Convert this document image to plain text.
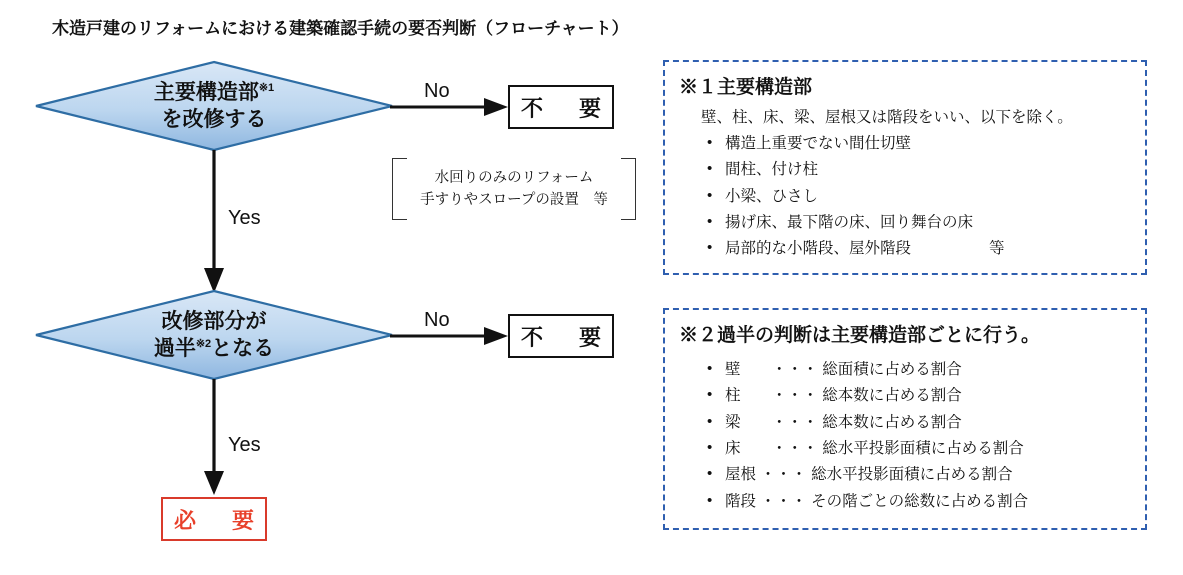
木造戸建のリフォームにおける建築確認手続の要否判断（フローチャート）
主要構造部$^{※1}$
を改修する
No
不　要
水回りのみのリフォーム
手すりやスロープの設置　等
Yes
改修部分が
過半$^{※2}$となる
No
不　要
Yes
必　要
※１主要構造部
壁、柱、床、梁、屋根又は階段をいい、以下を除く。
• 構造上重要でない間仕切壁
• 間柱、付け柱
• 小梁、ひさし
• 揚げ床、最下階の床、回り舞台の床
• 局部的な小階段、屋外階段	等
※２過半の判断は主要構造部ごとに行う。
• 壁　　・・・ 総面積に占める割合
• 柱　　・・・ 総本数に占める割合
• 梁　　・・・ 総本数に占める割合
• 床　　・・・ 総水平投影面積に占める割合
• 屋根 ・・・ 総水平投影面積に占める割合
• 階段 ・・・ その階ごとの総数に占める割合
